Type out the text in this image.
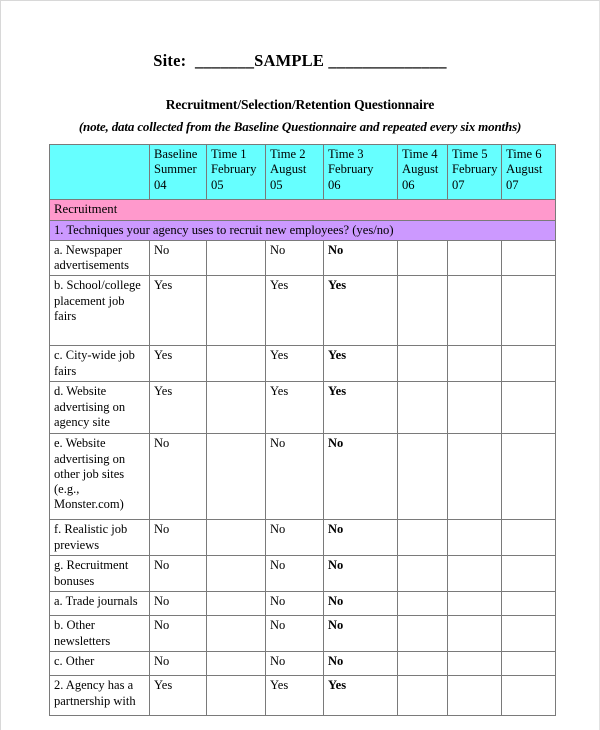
Site:  _______SAMPLE ______________
Recruitment/Selection/Retention Questionnaire
(note, data collected from the Baseline Questionnaire and repeated every six months)
	Baseline
Summer
04	Time 1
February
05	Time 2
August
05	Time 3
February
06	Time 4
August
06	Time 5
February
07	Time 6
August
07
Recruitment							
1. Techniques your agency uses to recruit new employees? (yes/no)							
a. Newspaper advertisements	No		No	No			
b. School/college placement job fairs	Yes		Yes	Yes			
c. City-wide job fairs	Yes		Yes	Yes			
d. Website advertising on agency site	Yes		Yes	Yes			
e. Website advertising on other job sites (e.g., Monster.com)	No		No	No			
f. Realistic job previews	No		No	No			
g. Recruitment bonuses	No		No	No			
a. Trade journals	No		No	No			
b. Other newsletters	No		No	No			
c. Other	No		No	No			
2. Agency has a partnership with	Yes		Yes	Yes			
